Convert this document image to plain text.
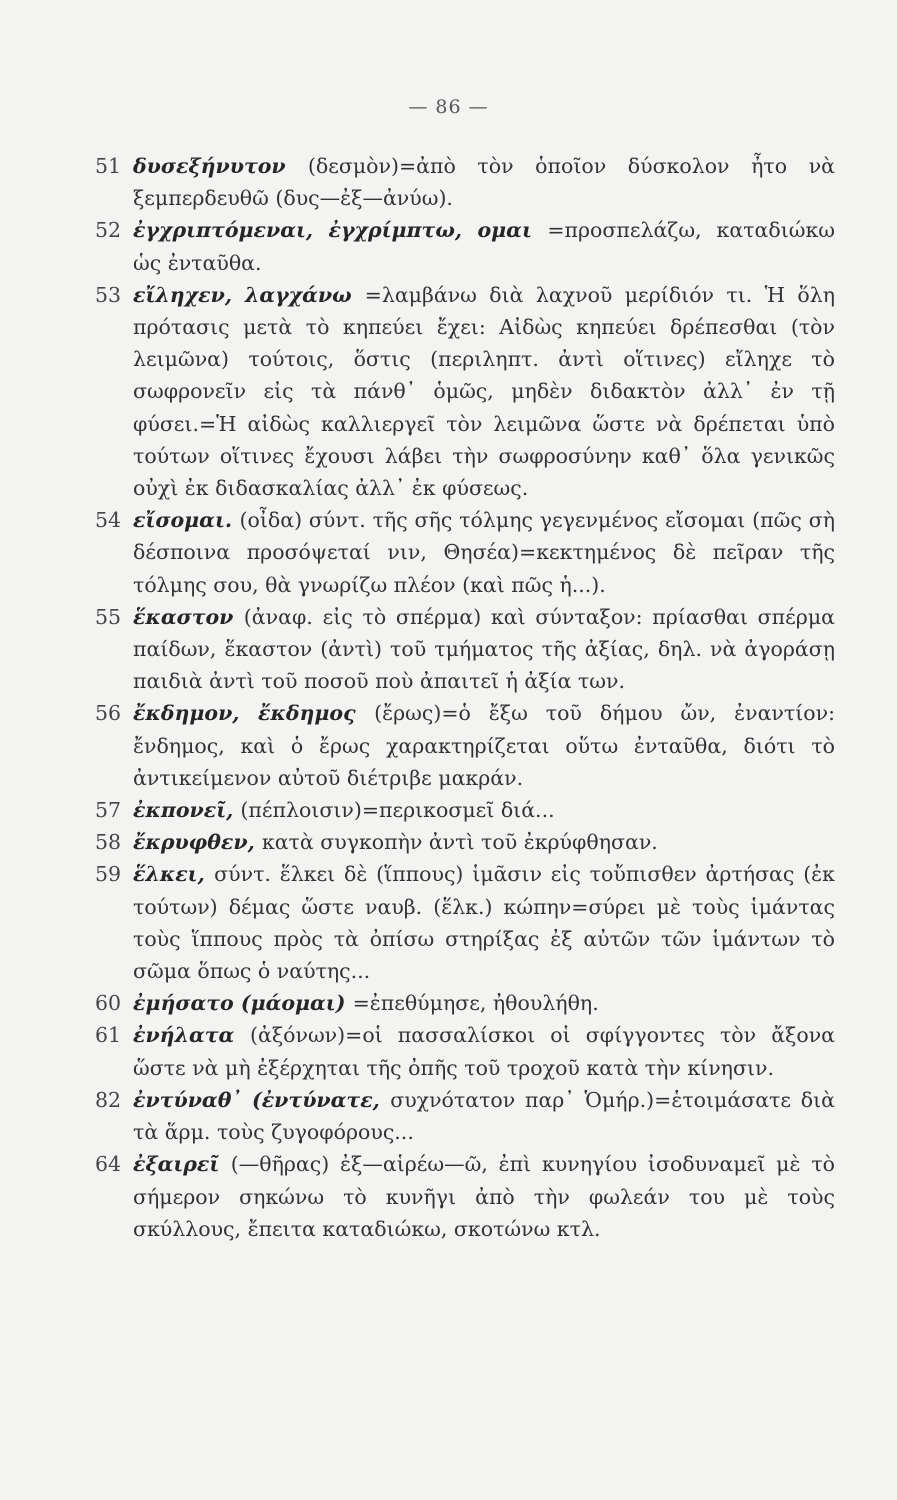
— 86 —
51 δυσεξήνυτον (δεσμὸν)=ἀπὸ τὸν ὁποῖον δύσκολον ἦτο νὰ ξεμπερδευθῶ (δυς—ἐξ—ἀνύω).
52 ἐγχριπτόμεναι, ἐγχρίμπτω, ομαι =προσπελάζω, καταδιώκω ὡς ἐνταῦθα.
53 εἴληχεν, λαγχάνω =λαμβάνω διὰ λαχνοῦ μερίδιόν τι. Ἡ ὅλη πρότασις μετὰ τὸ κηπεύει ἔχει: Αἰδὼς κηπεύει δρέπεσθαι (τὸν λειμῶνα) τούτοις, ὅστις (περιληπτ. ἀντὶ οἵτινες) εἴληχε τὸ σωφρονεῖν εἰς τὰ πάνθ᾽ ὁμῶς, μηδὲν διδακτὸν ἀλλ᾽ ἐν τῇ φύσει.=Ἡ αἰδὼς καλλιεργεῖ τὸν λειμῶνα ὥστε νὰ δρέπεται ὑπὸ τούτων οἵτινες ἔχουσι λάβει τὴν σωφροσύνην καθ᾽ ὅλα γενικῶς οὐχὶ ἐκ διδασκαλίας ἀλλ᾽ ἐκ φύσεως.
54 εἴσομαι. (οἶδα) σύντ. τῆς σῆς τόλμης γεγενμένος εἴσομαι (πῶς σὴ δέσποινα προσόψεταί νιν, Θησέα)=κεκτημένος δὲ πεῖραν τῆς τόλμης σου, θὰ γνωρίζω πλέον (καὶ πῶς ἡ...).
55 ἕκαστον (ἀναφ. εἰς τὸ σπέρμα) καὶ σύνταξον: πρίασθαι σπέρμα παίδων, ἕκαστον (ἀντὶ) τοῦ τμήματος τῆς ἀξίας, δηλ. νὰ ἀγοράσῃ παιδιὰ ἀντὶ τοῦ ποσοῦ ποὺ ἀπαιτεῖ ἡ ἀξία των.
56 ἔκδημον, ἔκδημος (ἔρως)=ὁ ἔξω τοῦ δήμου ὤν, ἐναντίον: ἔνδημος, καὶ ὁ ἔρως χαρακτηρίζεται οὕτω ἐνταῦθα, διότι τὸ ἀντικείμενον αὐτοῦ διέτριβε μακράν.
57 ἐκπονεῖ, (πέπλοισιν)=περικοσμεῖ διά...
58 ἔκρυφθεν, κατὰ συγκοπὴν ἀντὶ τοῦ ἐκρύφθησαν.
59 ἕλκει, σύντ. ἕλκει δὲ (ἵππους) ἱμᾶσιν εἰς τοὔπισθεν ἀρτήσας (ἐκ τούτων) δέμας ὥστε ναυβ. (ἕλκ.) κώπην=σύρει μὲ τοὺς ἱμάντας τοὺς ἵππους πρὸς τὰ ὀπίσω στηρίξας ἐξ αὐτῶν τῶν ἱμάντων τὸ σῶμα ὅπως ὁ ναύτης...
60 ἐμήσατο (μάομαι) =ἐπεθύμησε, ἠθουλήθη.
61 ἐνήλατα (ἀξόνων)=οἱ πασσαλίσκοι οἱ σφίγγοντες τὸν ἄξονα ὥστε νὰ μὴ ἐξέρχηται τῆς ὀπῆς τοῦ τροχοῦ κατὰ τὴν κίνησιν.
82 ἐντύναθ᾽ (ἐντύνατε, συχνότατον παρ᾽ Ὁμήρ.)=ἑτοιμάσατε διὰ τὰ ἅρμ. τοὺς ζυγοφόρους...
64 ἐξαιρεῖ (—θῆρας) ἐξ—αἱρέω—ῶ, ἐπὶ κυνηγίου ἰσοδυναμεῖ μὲ τὸ σήμερον σηκώνω τὸ κυνῆγι ἀπὸ τὴν φωλεάν του μὲ τοὺς σκύλλους, ἔπειτα καταδιώκω, σκοτώνω κτλ.
